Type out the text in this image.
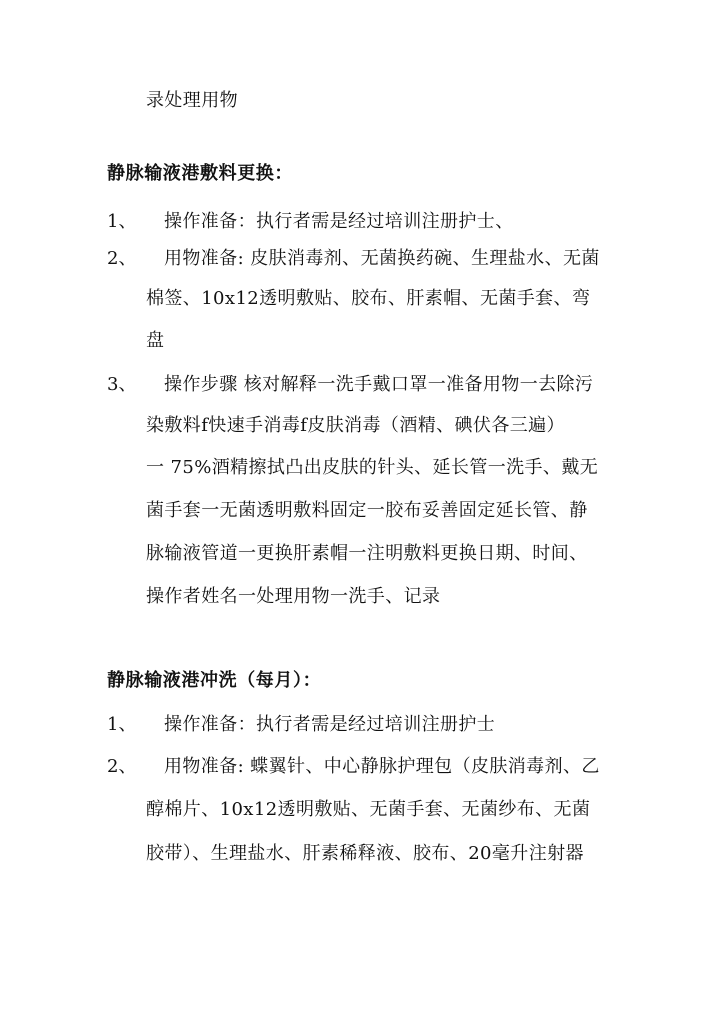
录处理用物

静脉输液港敷料更换：

1、 操作准备：执行者需是经过培训注册护士、

2、 用物准备: 皮肤消毒剂、无菌换药碗、生理盐水、无菌

棉签、10x12透明敷贴、胶布、肝素帽、无菌手套、弯

盘

3、 操作步骤 核对解释一洗手戴口罩一准备用物一去除污

染敷料f快速手消毒f皮肤消毒（酒精、碘伏各三遍）

一 75%酒精擦拭凸出皮肤的针头、延长管一洗手、戴无

菌手套一无菌透明敷料固定一胶布妥善固定延长管、静

脉输液管道一更换肝素帽一注明敷料更换日期、时间、

操作者姓名一处理用物一洗手、记录

静脉输液港冲洗（每月）：

1、 操作准备：执行者需是经过培训注册护士

2、 用物准备: 蝶翼针、中心静脉护理包（皮肤消毒剂、乙

醇棉片、10x12透明敷贴、无菌手套、无菌纱布、无菌

胶带）、生理盐水、肝素稀释液、胶布、20毫升注射器
